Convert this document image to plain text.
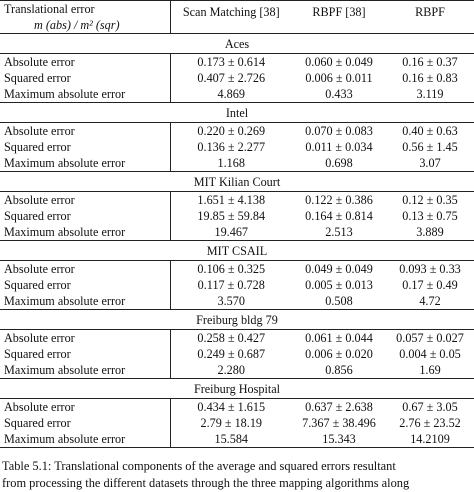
Translational error
m (abs) / m² (sqr)	Scan Matching [38]	RBPF [38]	RBPF
Aces			
Absolute error	0.173 ± 0.614	0.060 ± 0.049	0.16 ± 0.37
Squared error	0.407 ± 2.726	0.006 ± 0.011	0.16 ± 0.83
Maximum absolute error	4.869	0.433	3.119
Intel			
Absolute error	0.220 ± 0.269	0.070 ± 0.083	0.40 ± 0.63
Squared error	0.136 ± 2.277	0.011 ± 0.034	0.56 ± 1.45
Maximum absolute error	1.168	0.698	3.07
MIT Kilian Court			
Absolute error	1.651 ± 4.138	0.122 ± 0.386	0.12 ± 0.35
Squared error	19.85 ± 59.84	0.164 ± 0.814	0.13 ± 0.75
Maximum absolute error	19.467	2.513	3.889
MIT CSAIL			
Absolute error	0.106 ± 0.325	0.049 ± 0.049	0.093 ± 0.33
Squared error	0.117 ± 0.728	0.005 ± 0.013	0.17 ± 0.49
Maximum absolute error	3.570	0.508	4.72
Freiburg bldg 79			
Absolute error	0.258 ± 0.427	0.061 ± 0.044	0.057 ± 0.027
Squared error	0.249 ± 0.687	0.006 ± 0.020	0.004 ± 0.05
Maximum absolute error	2.280	0.856	1.69
Freiburg Hospital			
Absolute error	0.434 ± 1.615	0.637 ± 2.638	0.67 ± 3.05
Squared error	2.79 ± 18.19	7.367 ± 38.496	2.76 ± 23.52
Maximum absolute error	15.584	15.343	14.2109
Table 5.1: Translational components of the average and squared errors resultant
from processing the different datasets through the three mapping algorithms along
